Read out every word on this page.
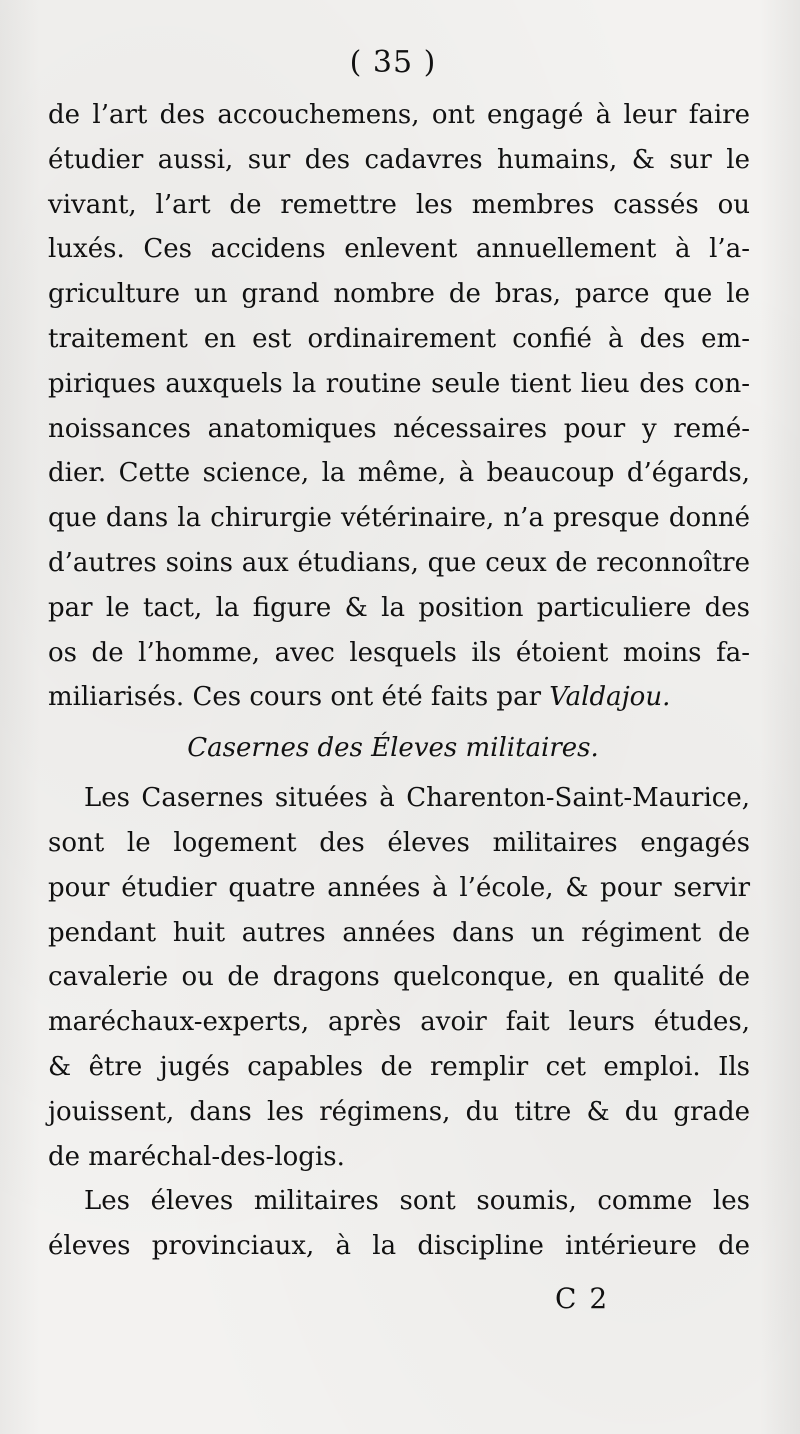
( 35 )
de l’art des accouchemens, ont engagé à leur faire
étudier aussi, sur des cadavres humains, & sur le
vivant, l’art de remettre les membres cassés ou
luxés. Ces accidens enlevent annuellement à l’a-
griculture un grand nombre de bras, parce que le
traitement en est ordinairement confié à des em-
piriques auxquels la routine seule tient lieu des con-
noissances anatomiques nécessaires pour y remé-
dier. Cette science, la même, à beaucoup d’égards,
que dans la chirurgie vétérinaire, n’a presque donné
d’autres soins aux étudians, que ceux de reconnoître
par le tact, la figure & la position particuliere des
os de l’homme, avec lesquels ils étoient moins fa-
miliarisés. Ces cours ont été faits par Valdajou.
Casernes des Éleves militaires.
Les Casernes situées à Charenton-Saint-Maurice,
sont le logement des éleves militaires engagés
pour étudier quatre années à l’école, & pour servir
pendant huit autres années dans un régiment de
cavalerie ou de dragons quelconque, en qualité de
maréchaux-experts, après avoir fait leurs études,
& être jugés capables de remplir cet emploi. Ils
jouissent, dans les régimens, du titre & du grade
de maréchal-des-logis.
Les éleves militaires sont soumis, comme les
éleves provinciaux, à la discipline intérieure de
C 2
